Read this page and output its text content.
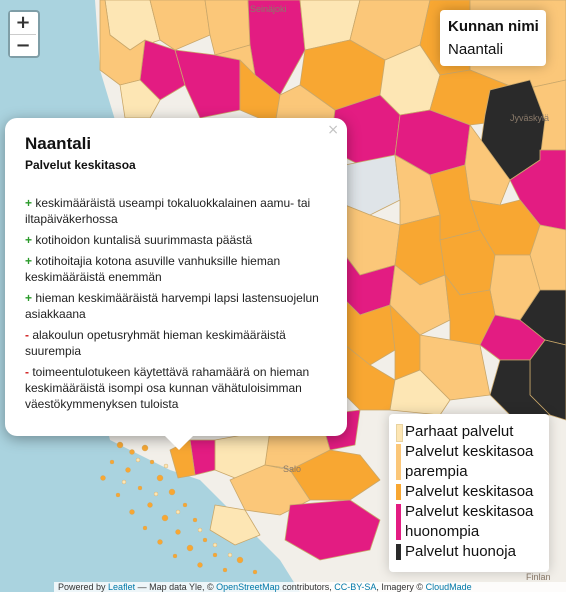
Seinäjoki
Jyväskylä
Salo
Finlan
+
−
Kunnan nimi
Naantali
×
Naantali
Palvelut keskitasoa
+ keskimääräistä useampi tokaluokkalainen aamu- tai iltapäiväkerhossa
+ kotihoidon kuntalisä suurimmasta päästä
+ kotihoitajia kotona asuville vanhuksille hieman keskimääräistä enemmän
+ hieman keskimääräistä harvempi lapsi lastensuojelun asiakkaana
- alakoulun opetusryhmät hieman keskimääräistä suurempia
- toimeentulotukeen käytettävä rahamäärä on hieman keskimääräistä isompi osa kunnan vähätuloisimman väestökymmenyksen tuloista
Parhaat palvelut
Palvelut keskitasoa parempia
Palvelut keskitasoa
Palvelut keskitasoa huonompia
Palvelut huonoja
Powered by Leaflet — Map data Yle, © OpenStreetMap contributors, CC-BY-SA, Imagery © CloudMade
